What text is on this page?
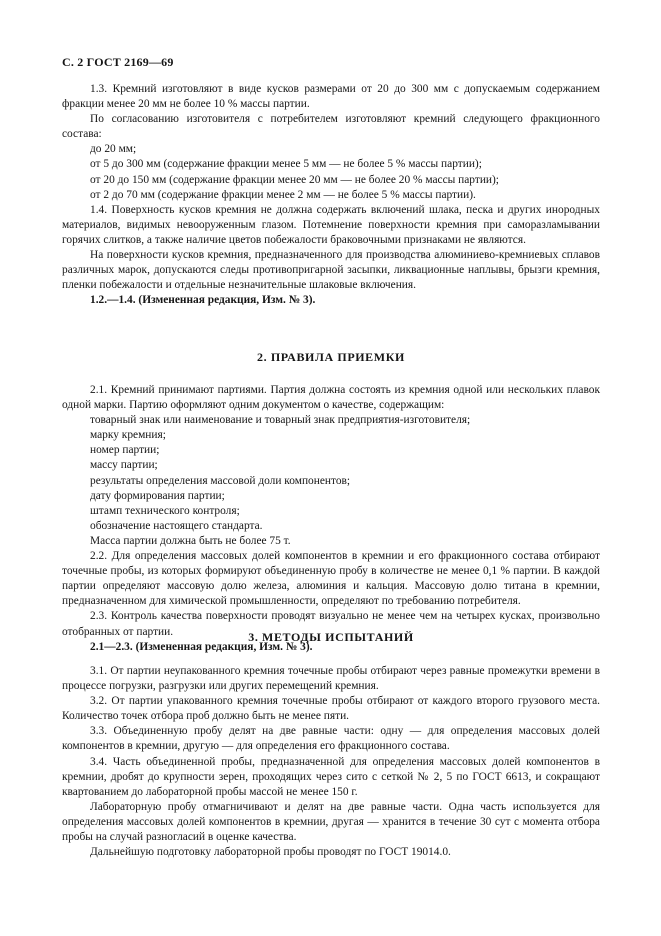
С. 2 ГОСТ 2169—69

1.3. Кремний изготовляют в виде кусков размерами от 20 до 300 мм с допускаемым содержанием фракции менее 20 мм не более 10 % массы партии.

По согласованию изготовителя с потребителем изготовляют кремний следующего фракционного состава:

до 20 мм;

от 5 до 300 мм (содержание фракции менее 5 мм — не более 5 % массы партии);

от 20 до 150 мм (содержание фракции менее 20 мм — не более 20 % массы партии);

от 2 до 70 мм (содержание фракции менее 2 мм — не более 5 % массы партии).

1.4. Поверхность кусков кремния не должна содержать включений шлака, песка и других инородных материалов, видимых невооруженным глазом. Потемнение поверхности кремния при саморазламывании горячих слитков, а также наличие цветов побежалости браковочными признаками не являются.

На поверхности кусков кремния, предназначенного для производства алюминиево-кремниевых сплавов различных марок, допускаются следы противопригарной засыпки, ликвационные наплывы, брызги кремния, пленки побежалости и отдельные незначительные шлаковые включения.

1.2.—1.4. (Измененная редакция, Изм. № 3).

2. ПРАВИЛА ПРИЕМКИ

2.1. Кремний принимают партиями. Партия должна состоять из кремния одной или нескольких плавок одной марки. Партию оформляют одним документом о качестве, содержащим:

товарный знак или наименование и товарный знак предприятия-изготовителя;

марку кремния;

номер партии;

массу партии;

результаты определения массовой доли компонентов;

дату формирования партии;

штамп технического контроля;

обозначение настоящего стандарта.

Масса партии должна быть не более 75 т.

2.2. Для определения массовых долей компонентов в кремнии и его фракционного состава отбирают точечные пробы, из которых формируют объединенную пробу в количестве не менее 0,1 % партии. В каждой партии определяют массовую долю железа, алюминия и кальция. Массовую долю титана в кремнии, предназначенном для химической промышленности, определяют по требованию потребителя.

2.3. Контроль качества поверхности проводят визуально не менее чем на четырех кусках, произвольно отобранных от партии.

2.1—2.3. (Измененная редакция, Изм. № 3).

3. МЕТОДЫ ИСПЫТАНИЙ

3.1. От партии неупакованного кремния точечные пробы отбирают через равные промежутки времени в процессе погрузки, разгрузки или других перемещений кремния.

3.2. От партии упакованного кремния точечные пробы отбирают от каждого второго грузового места. Количество точек отбора проб должно быть не менее пяти.

3.3. Объединенную пробу делят на две равные части: одну — для определения массовых долей компонентов в кремнии, другую — для определения его фракционного состава.

3.4. Часть объединенной пробы, предназначенной для определения массовых долей компонентов в кремнии, дробят до крупности зерен, проходящих через сито с сеткой № 2, 5 по ГОСТ 6613, и сокращают квартованием до лабораторной пробы массой не менее 150 г.

Лабораторную пробу отмагничивают и делят на две равные части. Одна часть используется для определения массовых долей компонентов в кремнии, другая — хранится в течение 30 сут с момента отбора пробы на случай разногласий в оценке качества.

Дальнейшую подготовку лабораторной пробы проводят по ГОСТ 19014.0.
